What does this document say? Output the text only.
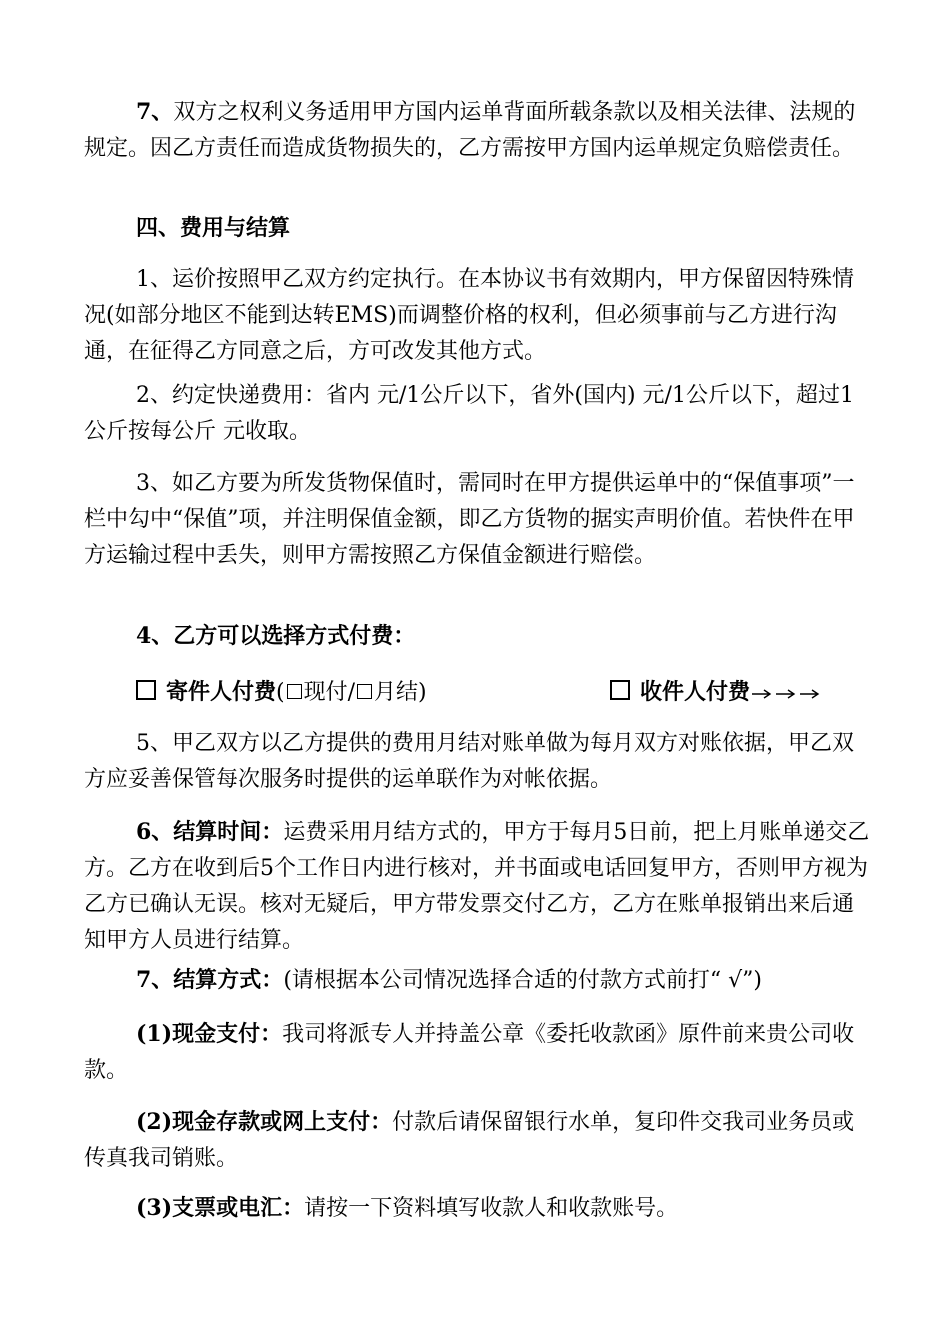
7、双方之权利义务适用甲方国内运单背面所载条款以及相关法律、法规的规定。因乙方责任而造成货物损失的，乙方需按甲方国内运单规定负赔偿责任。

四、费用与结算

1、运价按照甲乙双方约定执行。在本协议书有效期内，甲方保留因特殊情况(如部分地区不能到达转EMS)而调整价格的权利，但必须事前与乙方进行沟通，在征得乙方同意之后，方可改发其他方式。

2、约定快递费用：省内 元/1公斤以下，省外(国内) 元/1公斤以下，超过1公斤按每公斤 元收取。

3、如乙方要为所发货物保值时，需同时在甲方提供运单中的“保值事项”一栏中勾中“保值”项，并注明保值金额，即乙方货物的据实声明价值。若快件在甲方运输过程中丢失，则甲方需按照乙方保值金额进行赔偿。

4、乙方可以选择方式付费：

寄件人付费( 现付/ 月结)	收件人付费

5、甲乙双方以乙方提供的费用月结对账单做为每月双方对账依据，甲乙双方应妥善保管每次服务时提供的运单联作为对帐依据。

6、结算时间：运费采用月结方式的，甲方于每月5日前，把上月账单递交乙方。乙方在收到后5个工作日内进行核对，并书面或电话回复甲方，否则甲方视为乙方已确认无误。核对无疑后，甲方带发票交付乙方，乙方在账单报销出来后通知甲方人员进行结算。

7、结算方式：(请根据本公司情况选择合适的付款方式前打“ √”)

(1)现金支付：我司将派专人并持盖公章《委托收款函》原件前来贵公司收款。

(2)现金存款或网上支付：付款后请保留银行水单，复印件交我司业务员或传真我司销账。

(3)支票或电汇：请按一下资料填写收款人和收款账号。
